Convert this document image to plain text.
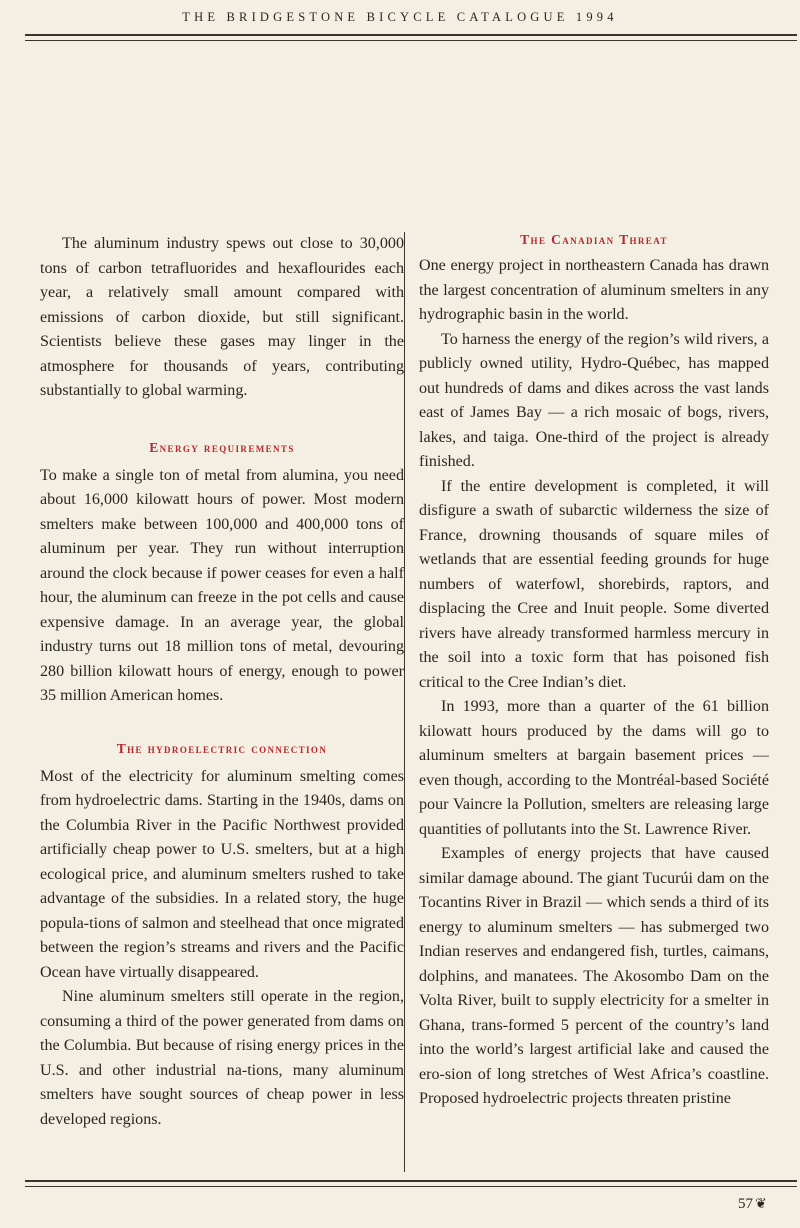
THE BRIDGESTONE BICYCLE CATALOGUE 1994

The aluminum industry spews out close to 30,000 tons of carbon tetrafluorides and hexaflourides each year, a relatively small amount compared with emissions of carbon dioxide, but still significant. Scientists believe these gases may linger in the atmosphere for thousands of years, contributing substantially to global warming.

Energy requirements

To make a single ton of metal from alumina, you need about 16,000 kilowatt hours of power. Most modern smelters make between 100,000 and 400,000 tons of aluminum per year. They run without interruption around the clock because if power ceases for even a half hour, the aluminum can freeze in the pot cells and cause expensive damage. In an average year, the global industry turns out 18 million tons of metal, devouring 280 billion kilowatt hours of energy, enough to power 35 million American homes.

The hydroelectric connection

Most of the electricity for aluminum smelting comes from hydroelectric dams. Starting in the 1940s, dams on the Columbia River in the Pacific Northwest provided artificially cheap power to U.S. smelters, but at a high ecological price, and aluminum smelters rushed to take advantage of the subsidies. In a related story, the huge popula-tions of salmon and steelhead that once migrated between the region’s streams and rivers and the Pacific Ocean have virtually disappeared.

Nine aluminum smelters still operate in the region, consuming a third of the power generated from dams on the Columbia. But because of rising energy prices in the U.S. and other industrial na-tions, many aluminum smelters have sought sources of cheap power in less developed regions.

The Canadian Threat

One energy project in northeastern Canada has drawn the largest concentration of aluminum smelters in any hydrographic basin in the world.

To harness the energy of the region’s wild rivers, a publicly owned utility, Hydro-Québec, has mapped out hundreds of dams and dikes across the vast lands east of James Bay — a rich mosaic of bogs, rivers, lakes, and taiga. One-third of the project is already finished.

If the entire development is completed, it will disfigure a swath of subarctic wilderness the size of France, drowning thousands of square miles of wetlands that are essential feeding grounds for huge numbers of waterfowl, shorebirds, raptors, and displacing the Cree and Inuit people. Some diverted rivers have already transformed harmless mercury in the soil into a toxic form that has poisoned fish critical to the Cree Indian’s diet.

In 1993, more than a quarter of the 61 billion kilowatt hours produced by the dams will go to aluminum smelters at bargain basement prices — even though, according to the Montréal-based Société pour Vaincre la Pollution, smelters are releasing large quantities of pollutants into the St. Lawrence River.

Examples of energy projects that have caused similar damage abound. The giant Tucurúi dam on the Tocantins River in Brazil — which sends a third of its energy to aluminum smelters — has submerged two Indian reserves and endangered fish, turtles, caimans, dolphins, and manatees. The Akosombo Dam on the Volta River, built to supply electricity for a smelter in Ghana, trans-formed 5 percent of the country’s land into the world’s largest artificial lake and caused the ero-sion of long stretches of West Africa’s coastline. Proposed hydroelectric projects threaten pristine

57 ❦
